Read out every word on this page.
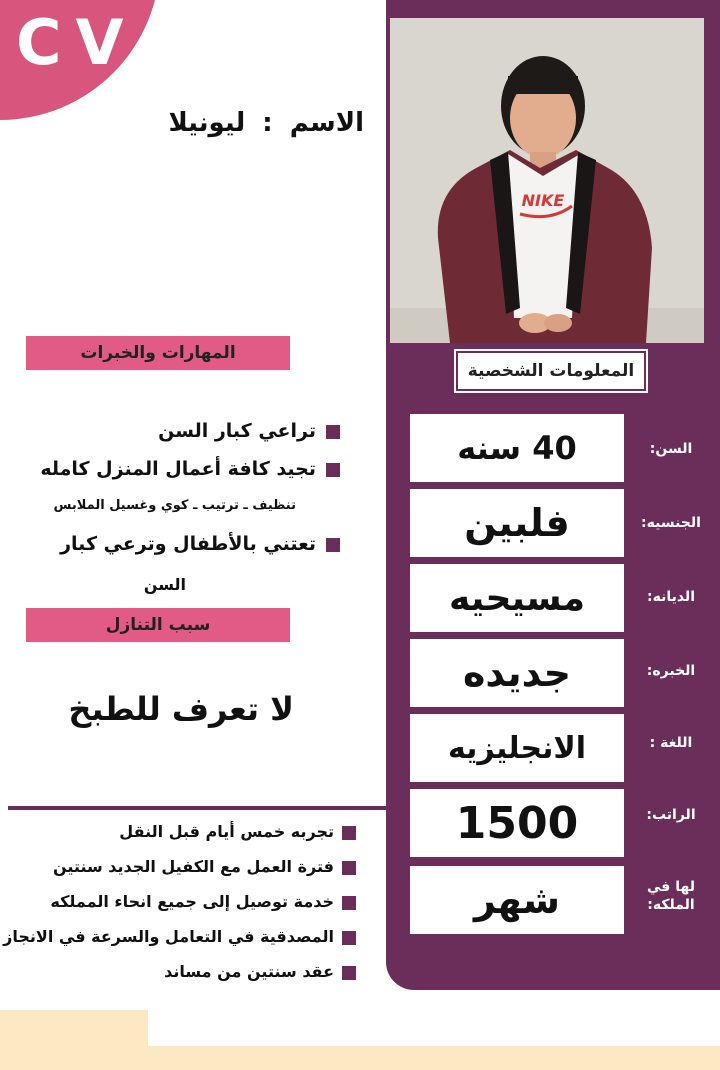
CV
الاسم : ليونيلا
NIKE
المعلومات الشخصية
40 سنه	السن:
فلبين	الجنسيه:
مسيحيه	الديانه:
جديده	الخبره:
الانجليزيه	اللغة :
1500	الراتب:
شهر	لها في الملكه:
المهارات والخبرات
تراعي كبار السن
تجيد كافة أعمال المنزل كامله
تنظيف ـ ترتيب ـ كوي وغسيل الملابس
تعتني بالأطفال وترعي كبار
السن
سبب التنازل
لا تعرف للطبخ
تجربه خمس أيام قبل النقل
فترة العمل مع الكفيل الجديد سنتين
خدمة توصيل إلى جميع انحاء المملكه
المصدقية في التعامل والسرعة في الانجاز
عقد سنتين من مساند
